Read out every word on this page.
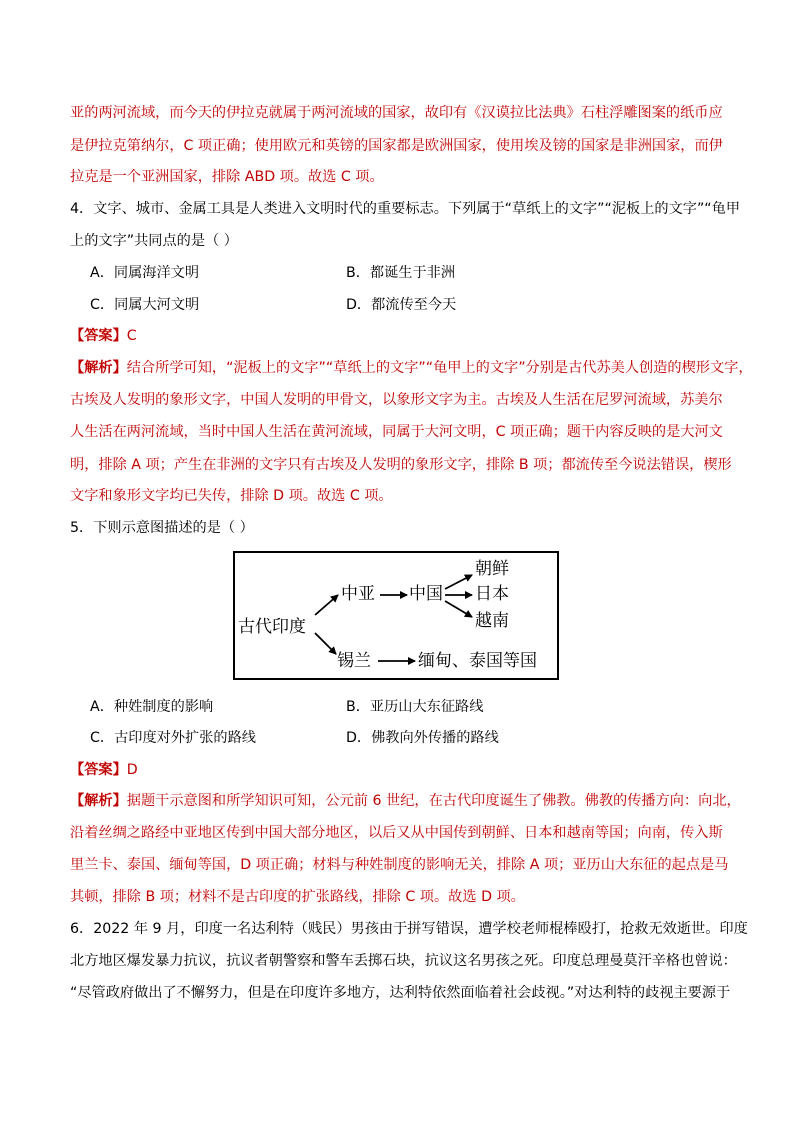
亚的两河流域，而今天的伊拉克就属于两河流域的国家，故印有《汉谟拉比法典》石柱浮雕图案的纸币应
是伊拉克第纳尔，C 项正确；使用欧元和英镑的国家都是欧洲国家，使用埃及镑的国家是非洲国家，而伊
拉克是一个亚洲国家，排除 ABD 项。故选 C 项。
4．文字、城市、金属工具是人类进入文明时代的重要标志。下列属于“草纸上的文字”“泥板上的文字”“龟甲
上的文字”共同点的是（ ）
A．同属海洋文明	B．都诞生于非洲
C．同属大河文明	D．都流传至今天
【答案】C
【解析】结合所学可知，“泥板上的文字”“草纸上的文字”“龟甲上的文字”分别是古代苏美人创造的楔形文字，
古埃及人发明的象形文字，中国人发明的甲骨文，以象形文字为主。古埃及人生活在尼罗河流域，苏美尔
人生活在两河流域，当时中国人生活在黄河流域，同属于大河文明，C 项正确；题干内容反映的是大河文
明，排除 A 项；产生在非洲的文字只有古埃及人发明的象形文字，排除 B 项；都流传至今说法错误，楔形
文字和象形文字均已失传，排除 D 项。故选 C 项。
5．下则示意图描述的是（ ）
古代印度
中亚 中国
朝鲜
日本
越南
锡兰	缅甸、泰国等国
A．种姓制度的影响	B．亚历山大东征路线
C．古印度对外扩张的路线	D．佛教向外传播的路线
【答案】D
【解析】据题干示意图和所学知识可知，公元前 6 世纪，在古代印度诞生了佛教。佛教的传播方向：向北，
沿着丝绸之路经中亚地区传到中国大部分地区，以后又从中国传到朝鲜、日本和越南等国；向南，传入斯
里兰卡、泰国、缅甸等国，D 项正确；材料与种姓制度的影响无关，排除 A 项；亚历山大东征的起点是马
其顿，排除 B 项；材料不是古印度的扩张路线，排除 C 项。故选 D 项。
6．2022 年 9 月，印度一名达利特（贱民）男孩由于拼写错误，遭学校老师棍棒殴打，抢救无效逝世。印度
北方地区爆发暴力抗议，抗议者朝警察和警车丢掷石块，抗议这名男孩之死。印度总理曼莫汗辛格也曾说：
“尽管政府做出了不懈努力，但是在印度许多地方，达利特依然面临着社会歧视。”对达利特的歧视主要源于
